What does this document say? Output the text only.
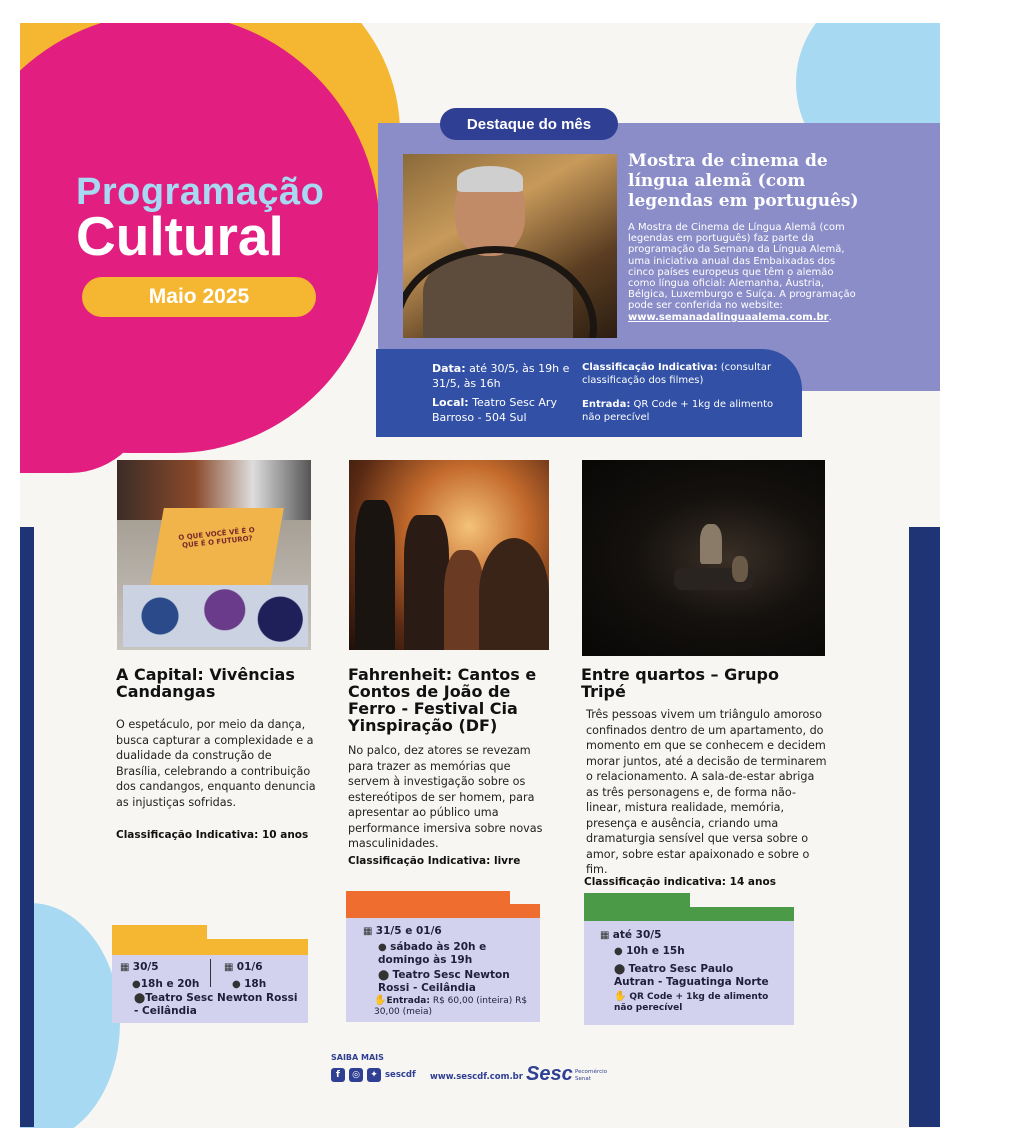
Programação
Cultural
Maio 2025
Destaque do mês
Mostra de cinema de língua alemã (com legendas em português)
A Mostra de Cinema de Língua Alemã (com legendas em português) faz parte da programação da Semana da Língua Alemã, uma iniciativa anual das Embaixadas dos cinco países europeus que têm o alemão como língua oficial: Alemanha, Áustria, Bélgica, Luxemburgo e Suíça. A programação pode ser conferida no website: www.semanadalinguaalema.com.br.
Data: até 30/5, às 19h e 31/5, às 16h
Local: Teatro Sesc Ary Barroso - 504 Sul
Classificação Indicativa: (consultar classificação dos filmes)
Entrada: QR Code + 1kg de alimento não perecível
O QUE VOCÊ VÊ É O QUE É O FUTURO?
A Capital: Vivências Candangas
O espetáculo, por meio da dança, busca capturar a complexidade e a dualidade da construção de Brasília, celebrando a contribuição dos candangos, enquanto denuncia as injustiças sofridas.
Classificação Indicativa: 10 anos
▦ 30/5	▦ 01/6
●18h e 20h	● 18h
⬤Teatro Sesc Newton Rossi - Ceilândia
Fahrenheit: Cantos e Contos de João de Ferro - Festival Cia Yinspiração (DF)
No palco, dez atores se revezam para trazer as memórias que servem à investigação sobre os estereótipos de ser homem, para apresentar ao público uma performance imersiva sobre novas masculinidades.
Classificação Indicativa: livre
▦ 31/5 e 01/6
● sábado às 20h e domingo às 19h
⬤ Teatro Sesc Newton Rossi - Ceilândia
✋Entrada: R$ 60,00 (inteira) R$ 30,00 (meia)
Entre quartos – Grupo Tripé
Três pessoas vivem um triângulo amoroso confinados dentro de um apartamento, do momento em que se conhecem e decidem morar juntos, até a decisão de terminarem o relacionamento. A sala-de-estar abriga as três personagens e, de forma não-linear, mistura realidade, memória, presença e ausência, criando uma dramaturgia sensível que versa sobre o amor, sobre estar apaixonado e sobre o fim.
Classificação indicativa: 14 anos
▦ até 30/5
● 10h e 15h
⬤ Teatro Sesc Paulo Autran - Taguatinga Norte
✋ QR Code + 1kg de alimento não perecível
SAIBA MAIS
f	◎	✦ sescdf www.sescdf.com.br Sesc Pecornércio Senat
